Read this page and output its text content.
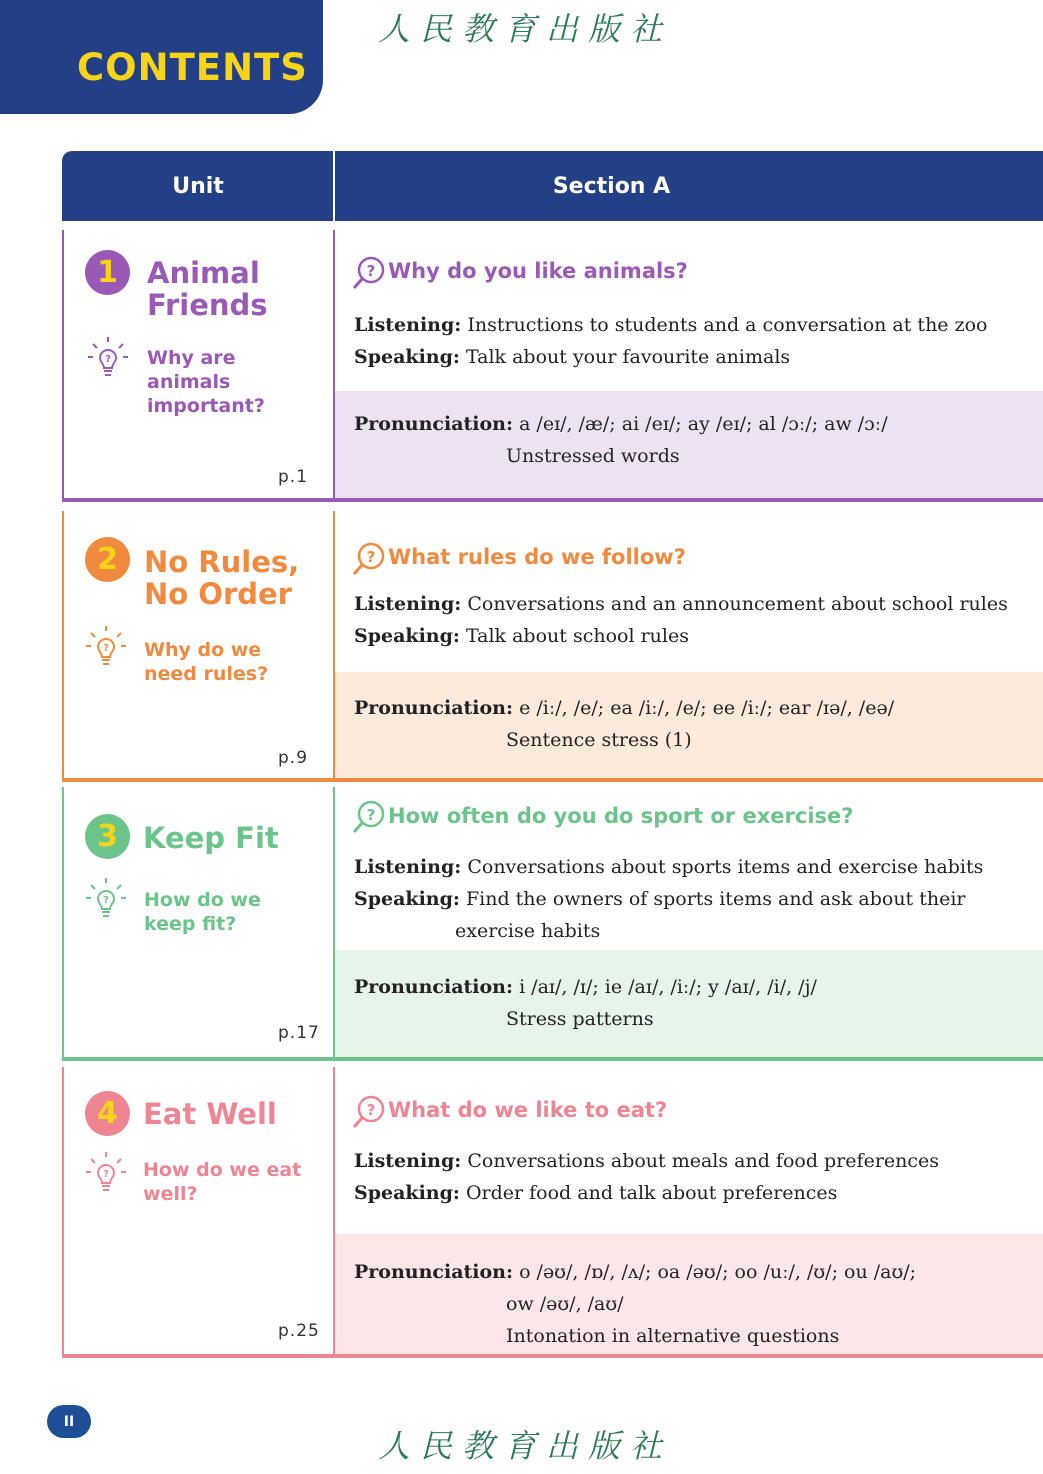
CONTENTS
人民教育出版社
Unit	Section A
1	Animal
Friends
? Why are
animals
important?
p.1
? Why do you like animals?
Listening: Instructions to students and a conversation at the zoo
Speaking: Talk about your favourite animals
Pronunciation: a /eɪ/, /æ/; ai /eɪ/; ay /eɪ/; al /ɔː/; aw /ɔː/
Unstressed words
2 No Rules,
No Order
? Why do we
need rules?
p.9
? What rules do we follow?
Listening: Conversations and an announcement about school rules
Speaking: Talk about school rules
Pronunciation: e /iː/, /e/; ea /iː/, /e/; ee /iː/; ear /ɪə/, /eə/
Sentence stress (1)
3 Keep Fit
? How do we
keep fit?
p.17
? How often do you do sport or exercise?
Listening: Conversations about sports items and exercise habits
Speaking: Find the owners of sports items and ask about their
exercise habits
Pronunciation: i /aɪ/, /ɪ/; ie /aɪ/, /iː/; y /aɪ/, /i/, /j/
Stress patterns
4 Eat Well
? How do we eat
well?
p.25
? What do we like to eat?
Listening: Conversations about meals and food preferences
Speaking: Order food and talk about preferences
Pronunciation: o /əʊ/, /ɒ/, /ʌ/; oa /əʊ/; oo /uː/, /ʊ/; ou /aʊ/;
ow /əʊ/, /aʊ/
Intonation in alternative questions
II
人民教育出版社
